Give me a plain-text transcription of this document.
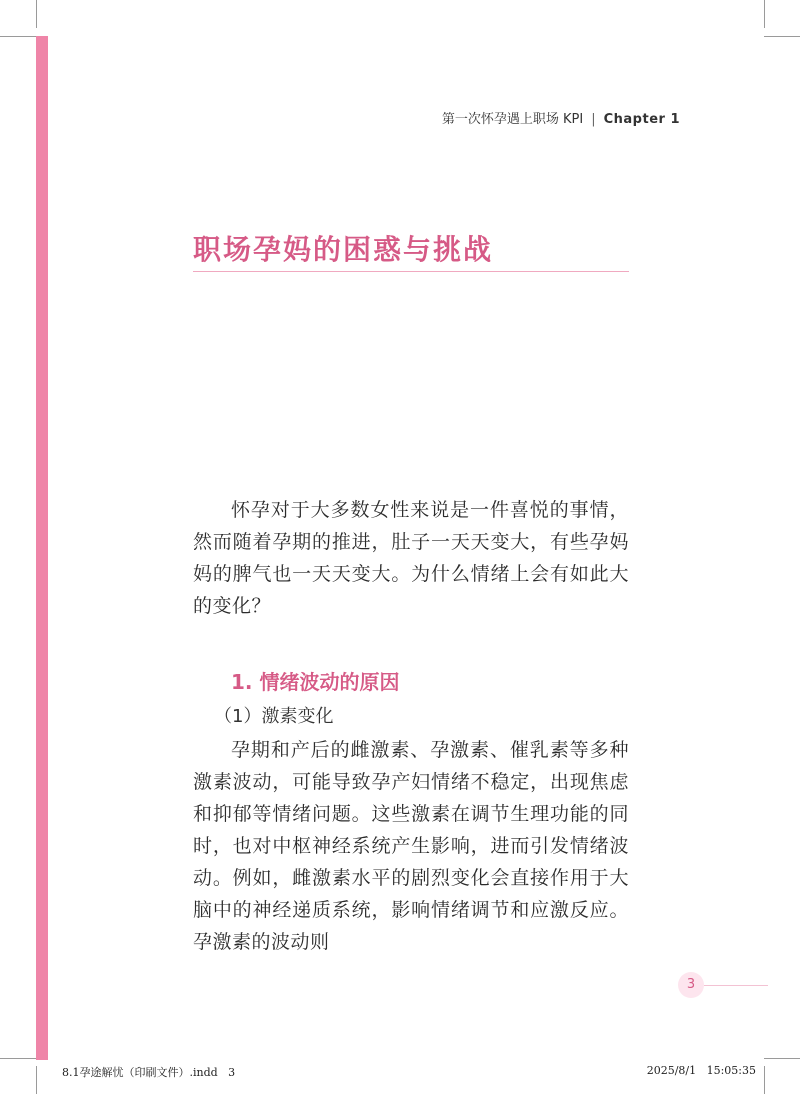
第一次怀孕遇上职场 KPI | Chapter 1
职场孕妈的困惑与挑战

怀孕对于大多数女性来说是一件喜悦的事情，然而随着孕期的推进，肚子一天天变大，有些孕妈妈的脾气也一天天变大。为什么情绪上会有如此大的变化？

1. 情绪波动的原因
（1）激素变化

孕期和产后的雌激素、孕激素、催乳素等多种激素波动，可能导致孕产妇情绪不稳定，出现焦虑和抑郁等情绪问题。这些激素在调节生理功能的同时，也对中枢神经系统产生影响，进而引发情绪波动。例如，雌激素水平的剧烈变化会直接作用于大脑中的神经递质系统，影响情绪调节和应激反应。孕激素的波动则

3
8.1孕途解忧（印刷文件）.indd   3	2025/8/1   15:05:35
